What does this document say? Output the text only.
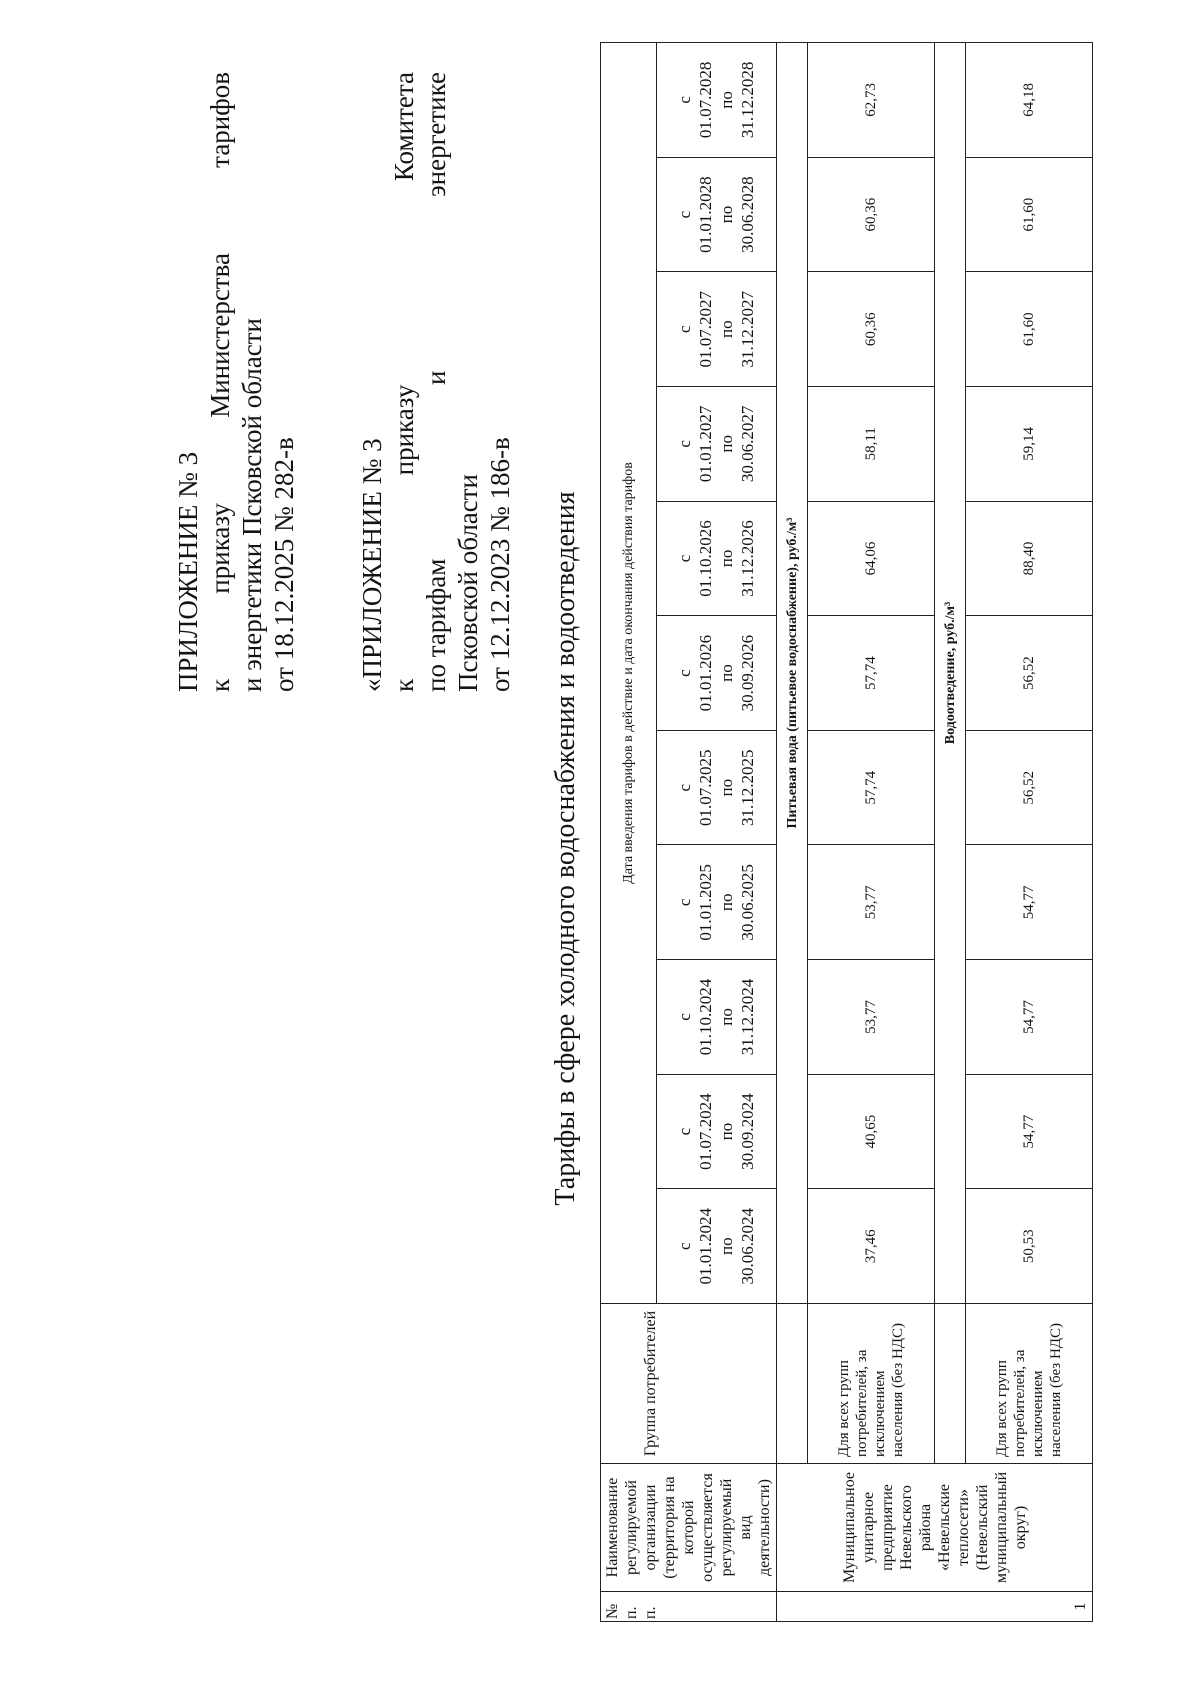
ПРИЛОЖЕНИЕ № 3 к
приказу
Министерства
тарифов
и энергетики Псковской области от 18.12.2025 № 282-в «ПРИЛОЖЕНИЕ № 3 к
приказу
Комитета
по тарифам
и
энергетике
Псковской области от 12.12.2023 № 186-в Тарифы в сфере холодного водоснабжения и водоотведения
№ п. п.	Наименование регулируемой организации (территория на которой осуществляется регулируемый вид деятельности)	Группа потребителей	Дата введения тарифов в действие и дата окончания действия тарифов										

			с 01.01.2024 по 30.06.2024	с 01.07.2024 по 30.09.2024	с 01.10.2024 по 31.12.2024	с 01.01.2025 по 30.06.2025	с 01.07.2025 по 31.12.2025	с 01.01.2026 по 30.09.2026	с 01.10.2026 по 31.12.2026	с 01.01.2027 по 30.06.2027	с 01.07.2027 по 31.12.2027	с 01.01.2028 по 30.06.2028	с 01.07.2028 по 31.12.2028

1	Муниципальное унитарное предприятие Невельского района «Невельские теплосети» (Невельский муниципальный округ)		Питьевая вода (питьевое водоснабжение), руб./м³										
		Для всех групп потребителей, за исключением населения (без НДС)	37,46	40,65	53,77	53,77	57,74	57,74	64,06	58,11	60,36	60,36	62,73
			Водоотведение, руб./м³										
		Для всех групп потребителей, за исключением населения (без НДС)	50,53	54,77	54,77	54,77	56,52	56,52	88,40	59,14	61,60	61,60	64,18
